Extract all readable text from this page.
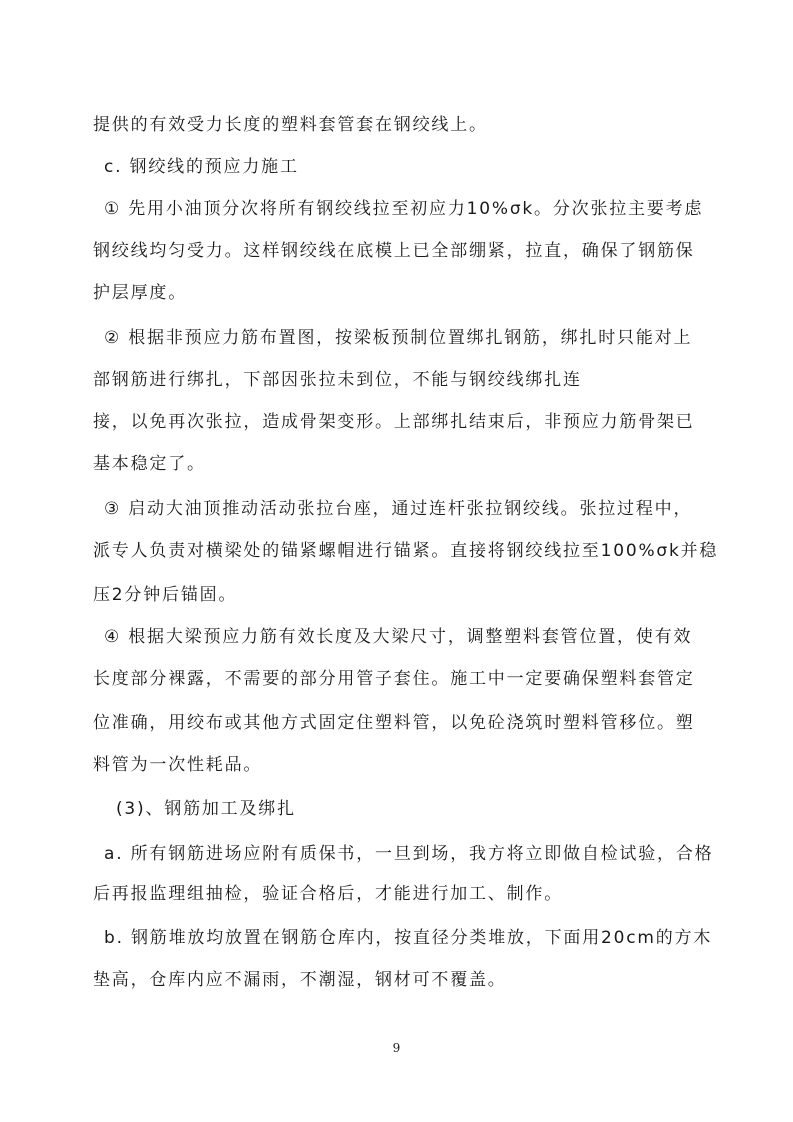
提供的有效受力长度的塑料套管套在钢绞线上。
c. 钢绞线的预应力施工
① 先用小油顶分次将所有钢绞线拉至初应力10%σk。分次张拉主要考虑
钢绞线均匀受力。这样钢绞线在底模上已全部绷紧，拉直，确保了钢筋保
护层厚度。
② 根据非预应力筋布置图，按梁板预制位置绑扎钢筋，绑扎时只能对上
部钢筋进行绑扎，下部因张拉未到位，不能与钢绞线绑扎连
接，以免再次张拉，造成骨架变形。上部绑扎结束后，非预应力筋骨架已
基本稳定了。
③ 启动大油顶推动活动张拉台座，通过连杆张拉钢绞线。张拉过程中，
派专人负责对横梁处的锚紧螺帽进行锚紧。直接将钢绞线拉至100%σk并稳
压2分钟后锚固。
④ 根据大梁预应力筋有效长度及大梁尺寸，调整塑料套管位置，使有效
长度部分裸露，不需要的部分用管子套住。施工中一定要确保塑料套管定
位准确，用绞布或其他方式固定住塑料管，以免砼浇筑时塑料管移位。塑
料管为一次性耗品。
(3)、钢筋加工及绑扎
a. 所有钢筋进场应附有质保书，一旦到场，我方将立即做自检试验，合格
后再报监理组抽检，验证合格后，才能进行加工、制作。
b. 钢筋堆放均放置在钢筋仓库内，按直径分类堆放，下面用20cm的方木
垫高，仓库内应不漏雨，不潮湿，钢材可不覆盖。
9
